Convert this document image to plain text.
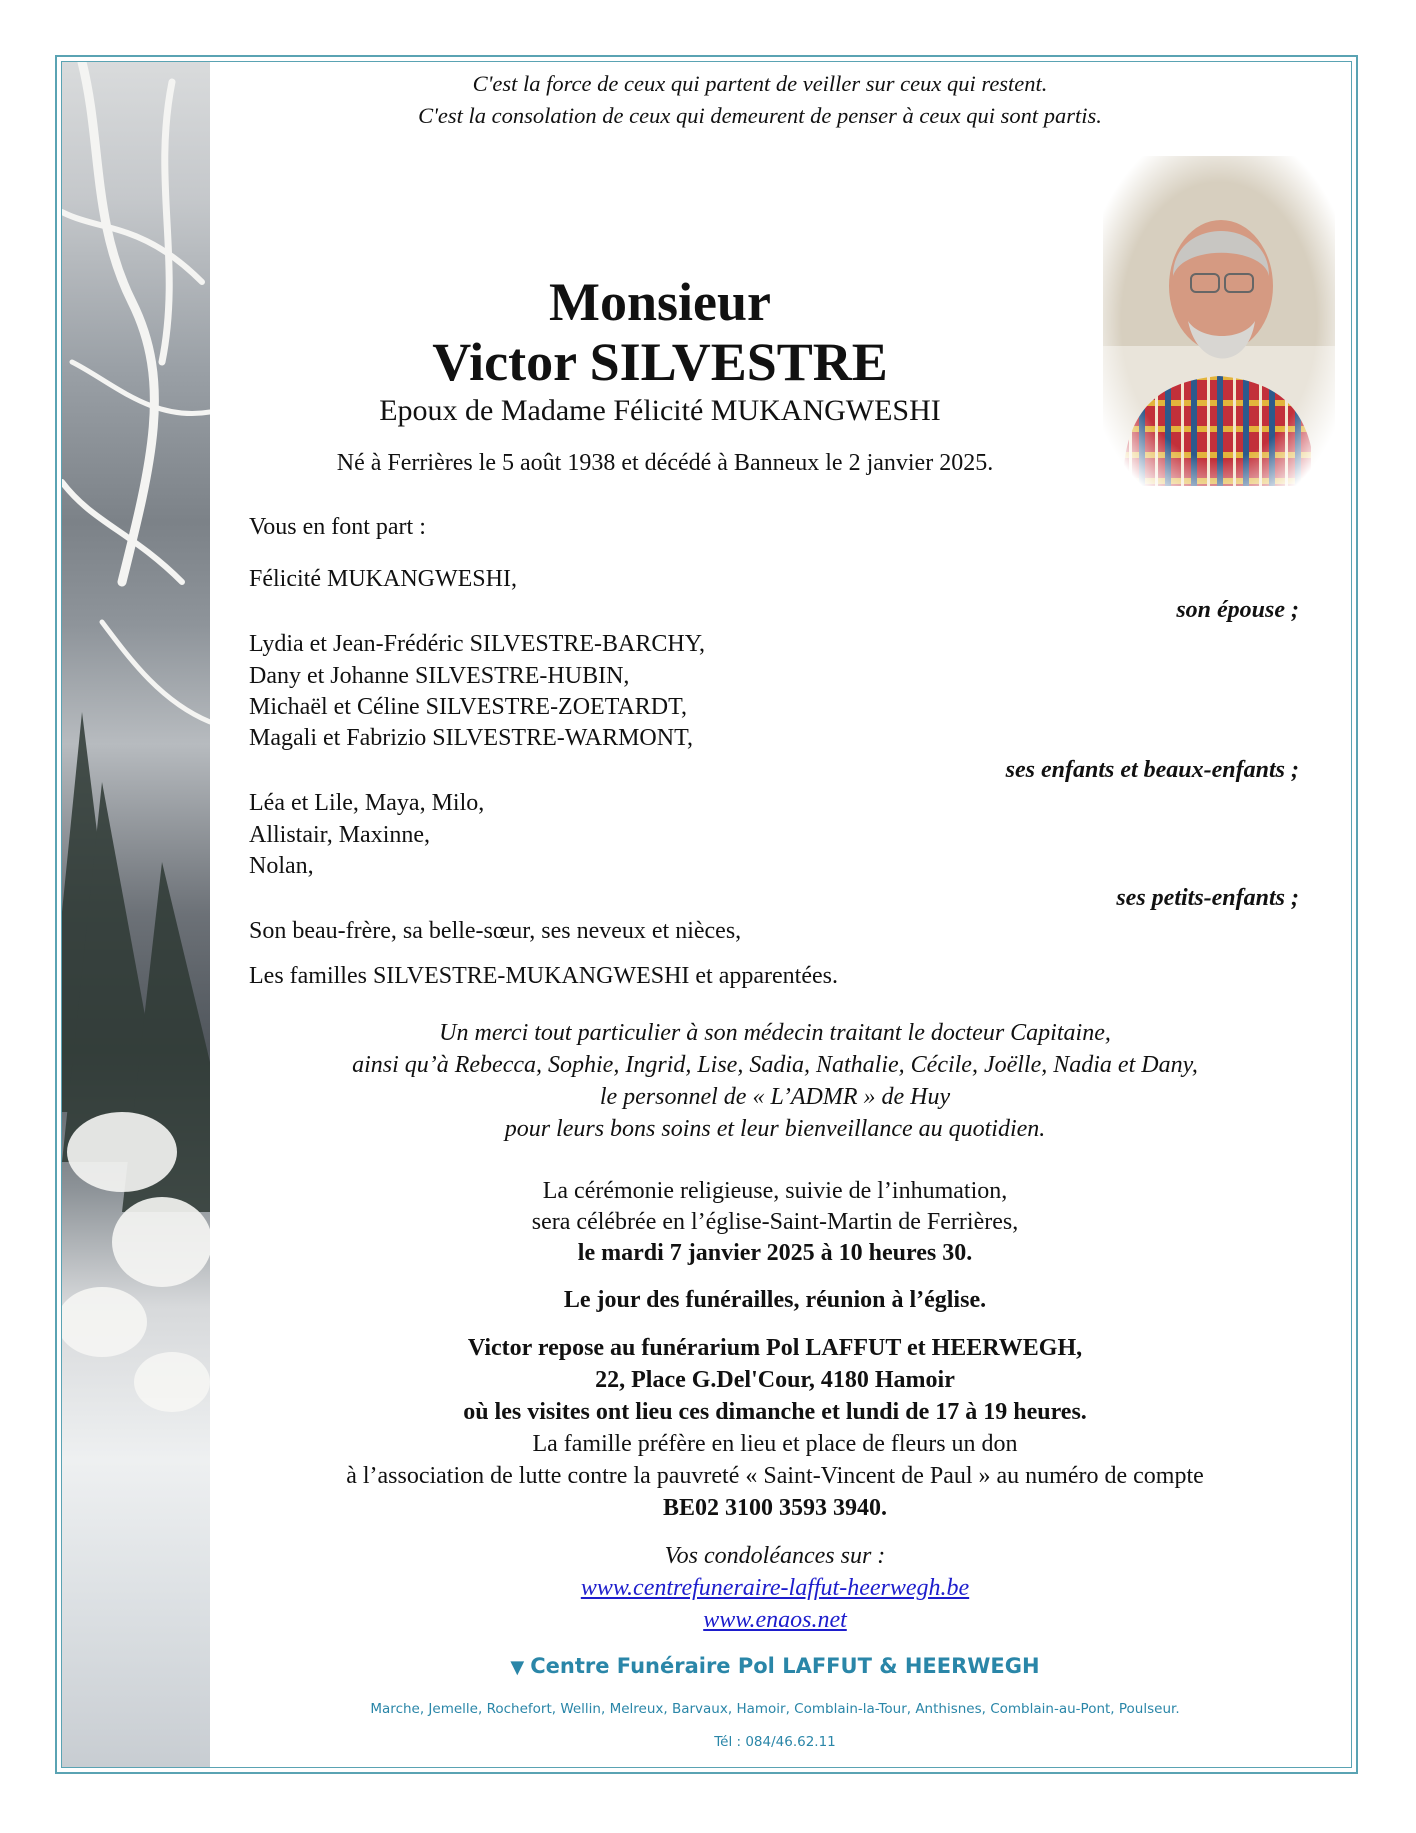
C'est la force de ceux qui partent de veiller sur ceux qui restent.
C'est la consolation de ceux qui demeurent de penser à ceux qui sont partis.
Monsieur
Victor SILVESTRE
Epoux de Madame Félicité MUKANGWESHI
Né à Ferrières le 5 août 1938 et décédé à Banneux le 2 janvier 2025.
Vous en font part :
Félicité MUKANGWESHI,
son épouse ;
Lydia et Jean-Frédéric SILVESTRE-BARCHY,
Dany et Johanne SILVESTRE-HUBIN,
Michaël et Céline SILVESTRE-ZOETARDT,
Magali et Fabrizio SILVESTRE-WARMONT,
ses enfants et beaux-enfants ;
Léa et Lile, Maya, Milo,
Allistair, Maxinne,
Nolan,
ses petits-enfants ;
Son beau-frère, sa belle-sœur, ses neveux et nièces,
Les familles SILVESTRE-MUKANGWESHI et apparentées.
Un merci tout particulier à son médecin traitant le docteur Capitaine,
ainsi qu’à Rebecca, Sophie, Ingrid, Lise, Sadia, Nathalie, Cécile, Joëlle, Nadia et Dany,
le personnel de « L’ADMR » de Huy
pour leurs bons soins et leur bienveillance au quotidien.
La cérémonie religieuse, suivie de l’inhumation,
sera célébrée en l’église-Saint-Martin de Ferrières,
le mardi 7 janvier 2025 à 10 heures 30.
Le jour des funérailles, réunion à l’église.
Victor repose au funérarium Pol LAFFUT et HEERWEGH,
22, Place G.Del'Cour, 4180 Hamoir
où les visites ont lieu ces dimanche et lundi de 17 à 19 heures.
La famille préfère en lieu et place de fleurs un don
à l’association de lutte contre la pauvreté « Saint-Vincent de Paul » au numéro de compte
BE02 3100 3593 3940.
Vos condoléances sur :
www.centrefuneraire-laffut-heerwegh.be
www.enaos.net
▼ Centre Funéraire Pol LAFFUT & HEERWEGH
Marche, Jemelle, Rochefort, Wellin, Melreux, Barvaux, Hamoir, Comblain-la-Tour, Anthisnes, Comblain-au-Pont, Poulseur.
Tél : 084/46.62.11
